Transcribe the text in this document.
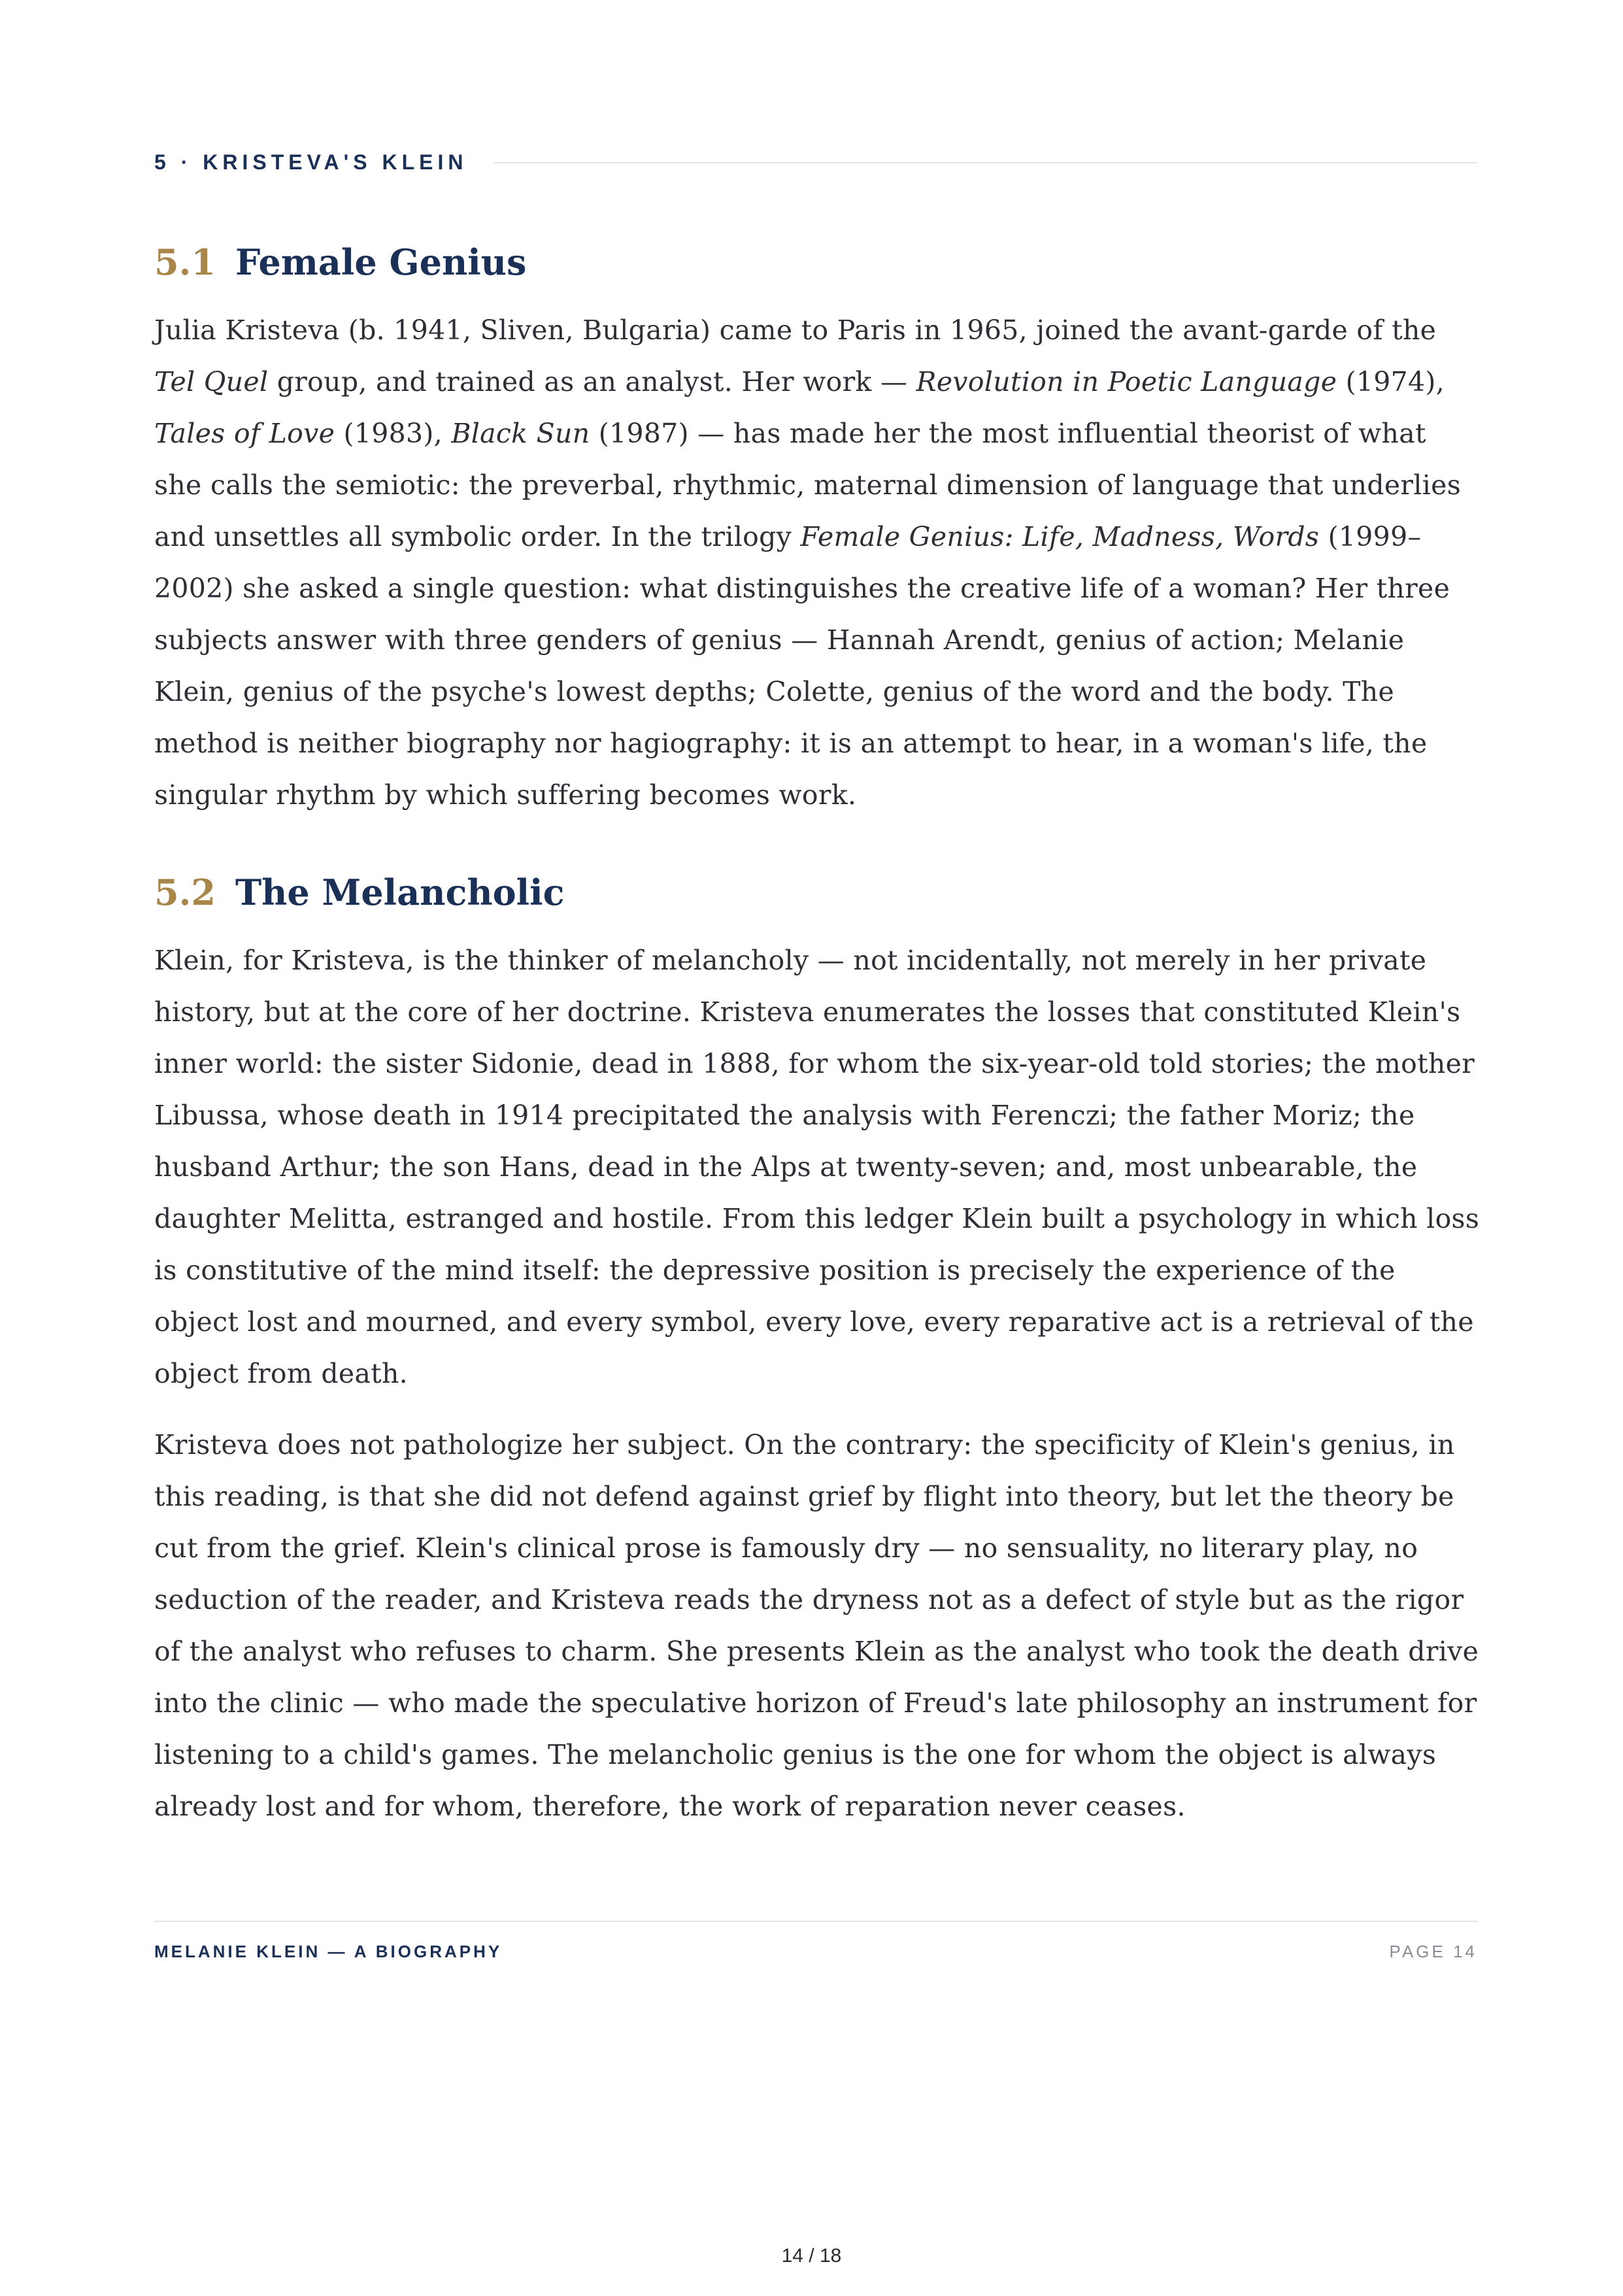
5 · KRISTEVA'S KLEIN
5.1 Female Genius

Julia Kristeva (b. 1941, Sliven, Bulgaria) came to Paris in 1965, joined the avant-garde of the Tel Quel group, and trained as an analyst. Her work — Revolution in Poetic Language (1974), Tales of Love (1983), Black Sun (1987) — has made her the most influential theorist of what she calls the semiotic: the preverbal, rhythmic, maternal dimension of language that underlies and unsettles all symbolic order. In the trilogy Female Genius: Life, Madness, Words (1999–2002) she asked a single question: what distinguishes the creative life of a woman? Her three subjects answer with three genders of genius — Hannah Arendt, genius of action; Melanie Klein, genius of the psyche's lowest depths; Colette, genius of the word and the body. The method is neither biography nor hagiography: it is an attempt to hear, in a woman's life, the singular rhythm by which suffering becomes work.

5.2 The Melancholic

Klein, for Kristeva, is the thinker of melancholy — not incidentally, not merely in her private history, but at the core of her doctrine. Kristeva enumerates the losses that constituted Klein's inner world: the sister Sidonie, dead in 1888, for whom the six-year-old told stories; the mother Libussa, whose death in 1914 precipitated the analysis with Ferenczi; the father Moriz; the husband Arthur; the son Hans, dead in the Alps at twenty-seven; and, most unbearable, the daughter Melitta, estranged and hostile. From this ledger Klein built a psychology in which loss is constitutive of the mind itself: the depressive position is precisely the experience of the object lost and mourned, and every symbol, every love, every reparative act is a retrieval of the object from death.

Kristeva does not pathologize her subject. On the contrary: the specificity of Klein's genius, in this reading, is that she did not defend against grief by flight into theory, but let the theory be cut from the grief. Klein's clinical prose is famously dry — no sensuality, no literary play, no seduction of the reader, and Kristeva reads the dryness not as a defect of style but as the rigor of the analyst who refuses to charm. She presents Klein as the analyst who took the death drive into the clinic — who made the speculative horizon of Freud's late philosophy an instrument for listening to a child's games. The melancholic genius is the one for whom the object is always already lost and for whom, therefore, the work of reparation never ceases.

MELANIE KLEIN — A BIOGRAPHY	PAGE 14
14 / 18
